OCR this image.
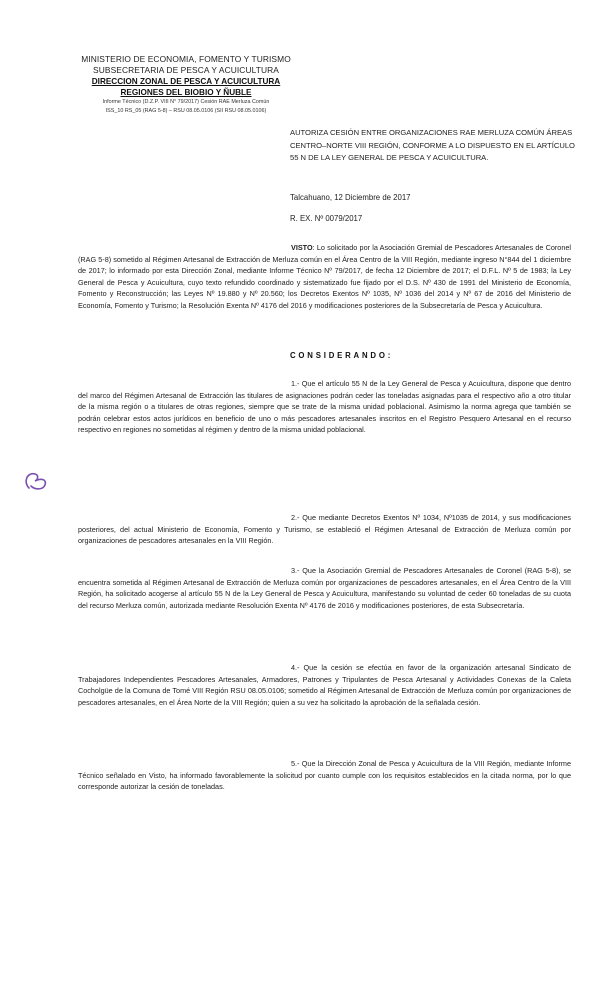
MINISTERIO DE ECONOMIA, FOMENTO Y TURISMO
SUBSECRETARIA DE PESCA Y ACUICULTURA
DIRECCION ZONAL DE PESCA Y ACUICULTURA
REGIONES DEL BIOBIO Y ÑUBLE
Informe Técnico (D.Z.P. VIII N° 79/2017) Cesión RAE Merluza Común
ISS_10 RS_05 (RAG 5-8) – RSU 08.05.0106 (SII RSU 08.05.0106)
AUTORIZA CESIÓN ENTRE ORGANIZACIONES RAE MERLUZA COMÚN ÁREAS CENTRO–NORTE VIII REGIÓN, CONFORME A LO DISPUESTO EN EL ARTÍCULO 55 N DE LA LEY GENERAL DE PESCA Y ACUICULTURA.
Talcahuano, 12 Diciembre de 2017
R. EX. Nº 0079/2017
VISTO: Lo solicitado por la Asociación Gremial de Pescadores Artesanales de Coronel (RAG 5-8) sometido al Régimen Artesanal de Extracción de Merluza común en el Área Centro de la VIII Región, mediante ingreso N°844 del 1 diciembre de 2017; lo informado por esta Dirección Zonal, mediante Informe Técnico Nº 79/2017, de fecha 12 Diciembre de 2017; el D.F.L. Nº 5 de 1983; la Ley General de Pesca y Acuicultura, cuyo texto refundido coordinado y sistematizado fue fijado por el D.S. Nº 430 de 1991 del Ministerio de Economía, Fomento y Reconstrucción; las Leyes Nº 19.880 y Nº 20.560; los Decretos Exentos Nº 1035, Nº 1036 del 2014 y Nº 67 de 2016 del Ministerio de Economía, Fomento y Turismo; la Resolución Exenta Nº 4176 del 2016 y modificaciones posteriores de la Subsecretaría de Pesca y Acuicultura.
CONSIDERANDO:
1.- Que el artículo 55 N de la Ley General de Pesca y Acuicultura, dispone que dentro del marco del Régimen Artesanal de Extracción las titulares de asignaciones podrán ceder las toneladas asignadas para el respectivo año a otro titular de la misma región o a titulares de otras regiones, siempre que se trate de la misma unidad poblacional. Asimismo la norma agrega que también se podrán celebrar estos actos jurídicos en beneficio de uno o más pescadores artesanales inscritos en el Registro Pesquero Artesanal en el recurso respectivo en regiones no sometidas al régimen y dentro de la misma unidad poblacional.
2.- Que mediante Decretos Exentos Nº 1034, Nº1035 de 2014, y sus modificaciones posteriores, del actual Ministerio de Economía, Fomento y Turismo, se estableció el Régimen Artesanal de Extracción de Merluza común por organizaciones de pescadores artesanales en la VIII Región.
3.- Que la Asociación Gremial de Pescadores Artesanales de Coronel (RAG 5-8), se encuentra sometida al Régimen Artesanal de Extracción de Merluza común por organizaciones de pescadores artesanales, en el Área Centro de la VIII Región, ha solicitado acogerse al artículo 55 N de la Ley General de Pesca y Acuicultura, manifestando su voluntad de ceder 60 toneladas de su cuota del recurso Merluza común, autorizada mediante Resolución Exenta Nº 4176 de 2016 y modificaciones posteriores, de esta Subsecretaría.
4.- Que la cesión se efectúa en favor de la organización artesanal Sindicato de Trabajadores Independientes Pescadores Artesanales, Armadores, Patrones y Tripulantes de Pesca Artesanal y Actividades Conexas de la Caleta Cocholgüe de la Comuna de Tomé VIII Región RSU 08.05.0106; sometido al Régimen Artesanal de Extracción de Merluza común por organizaciones de pescadores artesanales, en el Área Norte de la VIII Región; quien a su vez ha solicitado la aprobación de la señalada cesión.
5.- Que la Dirección Zonal de Pesca y Acuicultura de la VIII Región, mediante Informe Técnico señalado en Visto, ha informado favorablemente la solicitud por cuanto cumple con los requisitos establecidos en la citada norma, por lo que corresponde autorizar la cesión de toneladas.
